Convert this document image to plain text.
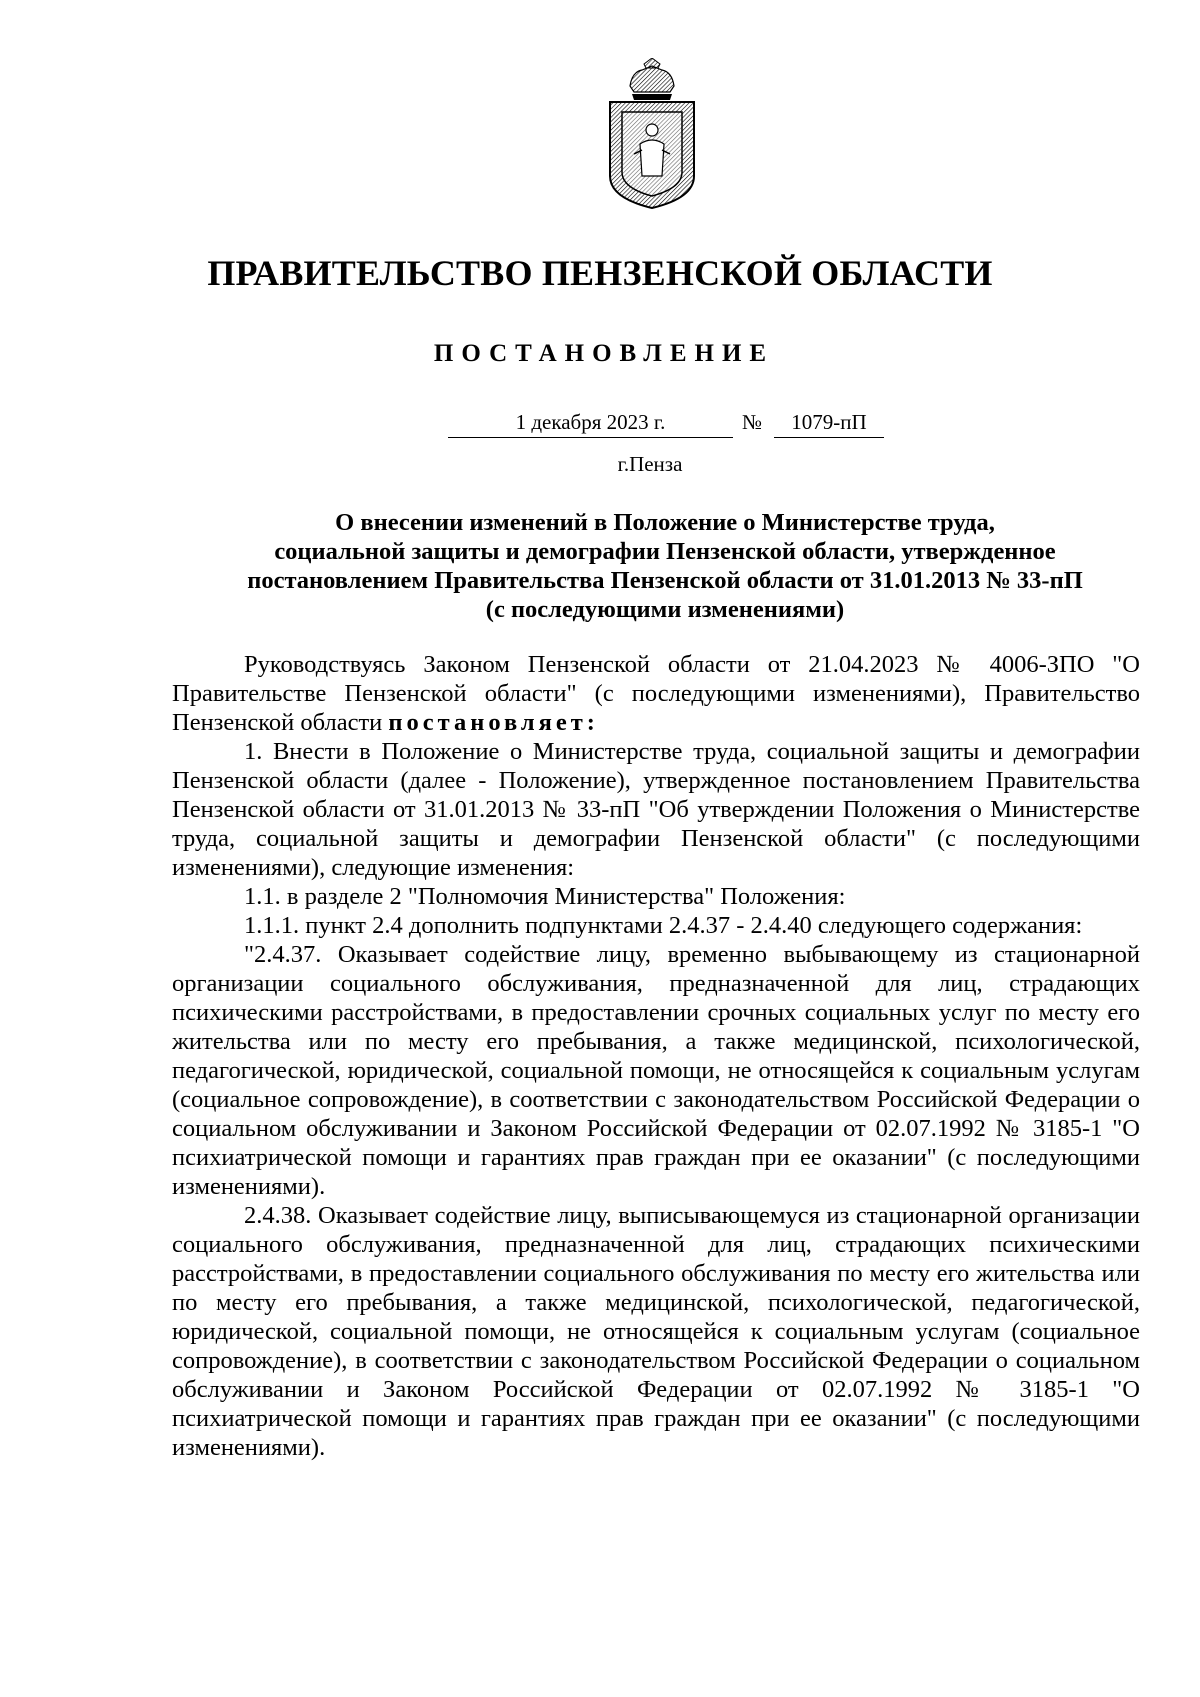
ПРАВИТЕЛЬСТВО ПЕНЗЕНСКОЙ ОБЛАСТИ
ПОСТАНОВЛЕНИЕ
1 декабря 2023 г.	№	1079-пП
г.Пенза
О внесении изменений в Положение о Министерстве труда,
социальной защиты и демографии Пензенской области, утвержденное
постановлением Правительства Пензенской области от 31.01.2013 № 33-пП
(с последующими изменениями)

Руководствуясь Законом Пензенской области от 21.04.2023 № 4006-ЗПО "О Правительстве Пензенской области" (с последующими изменениями), Правительство Пензенской области постановляет:

1. Внести в Положение о Министерстве труда, социальной защиты и демографии Пензенской области (далее - Положение), утвержденное постановлением Правительства Пензенской области от 31.01.2013 № 33-пП "Об утверждении Положения о Министерстве труда, социальной защиты и демографии Пензенской области" (с последующими изменениями), следующие изменения:

1.1. в разделе 2 "Полномочия Министерства" Положения:

1.1.1. пункт 2.4 дополнить подпунктами 2.4.37 - 2.4.40 следующего содержания:

"2.4.37. Оказывает содействие лицу, временно выбывающему из стационарной организации социального обслуживания, предназначенной для лиц, страдающих психическими расстройствами, в предоставлении срочных социальных услуг по месту его жительства или по месту его пребывания, а также медицинской, психологической, педагогической, юридической, социальной помощи, не относящейся к социальным услугам (социальное сопровождение), в соответствии с законодательством Российской Федерации о социальном обслуживании и Законом Российской Федерации от 02.07.1992 № 3185-1 "О психиатрической помощи и гарантиях прав граждан при ее оказании" (с последующими изменениями).

2.4.38. Оказывает содействие лицу, выписывающемуся из стационарной организации социального обслуживания, предназначенной для лиц, страдающих психическими расстройствами, в предоставлении социального обслуживания по месту его жительства или по месту его пребывания, а также медицинской, психологической, педагогической, юридической, социальной помощи, не относящейся к социальным услугам (социальное сопровождение), в соответствии с законодательством Российской Федерации о социальном обслуживании и Законом Российской Федерации от 02.07.1992 № 3185-1 "О психиатрической помощи и гарантиях прав граждан при ее оказании" (с последующими изменениями).
